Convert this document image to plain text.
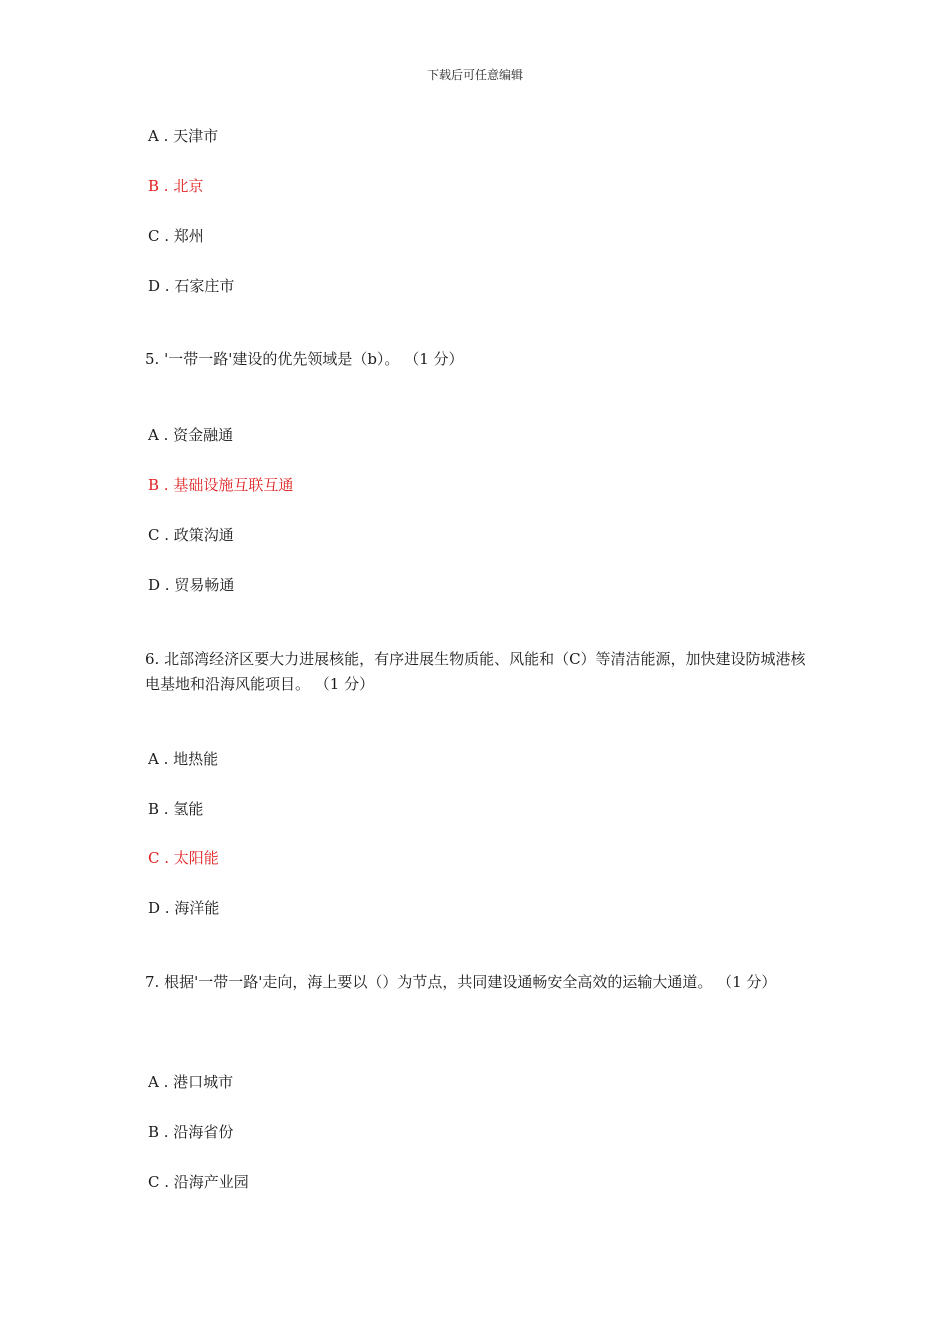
下载后可任意编辑
A . 天津市
B . 北京
C . 郑州
D . 石家庄市
5. '一带一路'建设的优先领域是（b）。 （1 分）
A . 资金融通
B . 基础设施互联互通
C . 政策沟通
D . 贸易畅通
6. 北部湾经济区要大力进展核能，有序进展生物质能、风能和（C）等清洁能源，加快建设防城港核电基地和沿海风能项目。 （1 分）
A . 地热能
B . 氢能
C . 太阳能
D . 海洋能
7. 根据'一带一路'走向，海上要以（）为节点，共同建设通畅安全高效的运输大通道。 （1 分）
A . 港口城市
B . 沿海省份
C . 沿海产业园
